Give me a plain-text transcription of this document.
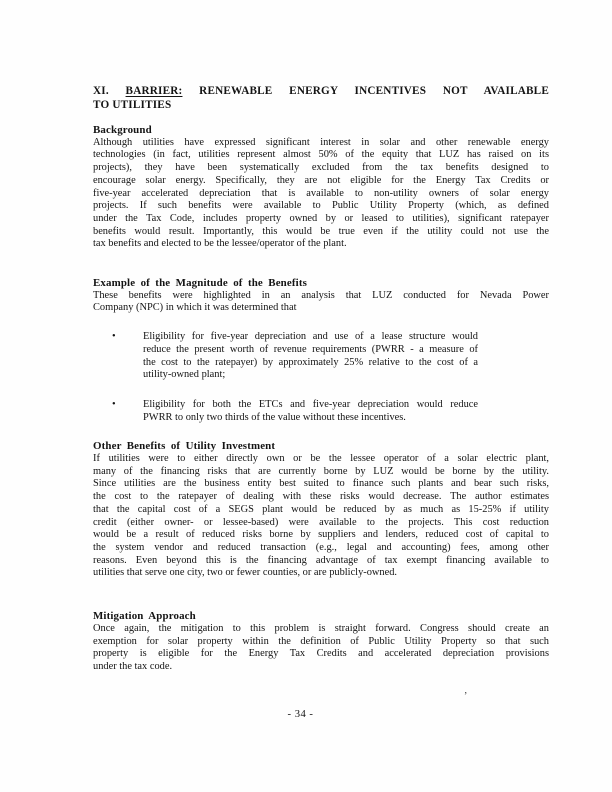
XI. BARRIER: RENEWABLE ENERGY INCENTIVES NOT AVAILABLE
TO UTILITIES
Background
Although utilities have expressed significant interest in solar and other renewable energy
technologies (in fact, utilities represent almost 50% of the equity that LUZ has raised on its
projects), they have been systematically excluded from the tax benefits designed to
encourage solar energy. Specifically, they are not eligible for the Energy Tax Credits or
five-year accelerated depreciation that is available to non-utility owners of solar energy
projects. If such benefits were available to Public Utility Property (which, as defined
under the Tax Code, includes property owned by or leased to utilities), significant ratepayer
benefits would result. Importantly, this would be true even if the utility could not use the
tax benefits and elected to be the lessee/operator of the plant.
Example of the Magnitude of the Benefits
These benefits were highlighted in an analysis that LUZ conducted for Nevada Power
Company (NPC) in which it was determined that
•	Eligibility for five-year depreciation and use of a lease structure would
reduce the present worth of revenue requirements (PWRR - a measure of
the cost to the ratepayer) by approximately 25% relative to the cost of a
utility-owned plant;
•	Eligibility for both the ETCs and five-year depreciation would reduce
PWRR to only two thirds of the value without these incentives.
Other Benefits of Utility Investment
If utilities were to either directly own or be the lessee operator of a solar electric plant,
many of the financing risks that are currently borne by LUZ would be borne by the utility.
Since utilities are the business entity best suited to finance such plants and bear such risks,
the cost to the ratepayer of dealing with these risks would decrease. The author estimates
that the capital cost of a SEGS plant would be reduced by as much as 15-25% if utility
credit (either owner- or lessee-based) were available to the projects. This cost reduction
would be a result of reduced risks borne by suppliers and lenders, reduced cost of capital to
the system vendor and reduced transaction (e.g., legal and accounting) fees, among other
reasons. Even beyond this is the financing advantage of tax exempt financing available to
utilities that serve one city, two or fewer counties, or are publicly-owned.
Mitigation Approach
Once again, the mitigation to this problem is straight forward. Congress should create an
exemption for solar property within the definition of Public Utility Property so that such
property is eligible for the Energy Tax Credits and accelerated depreciation provisions
under the tax code.
’
- 34 -
